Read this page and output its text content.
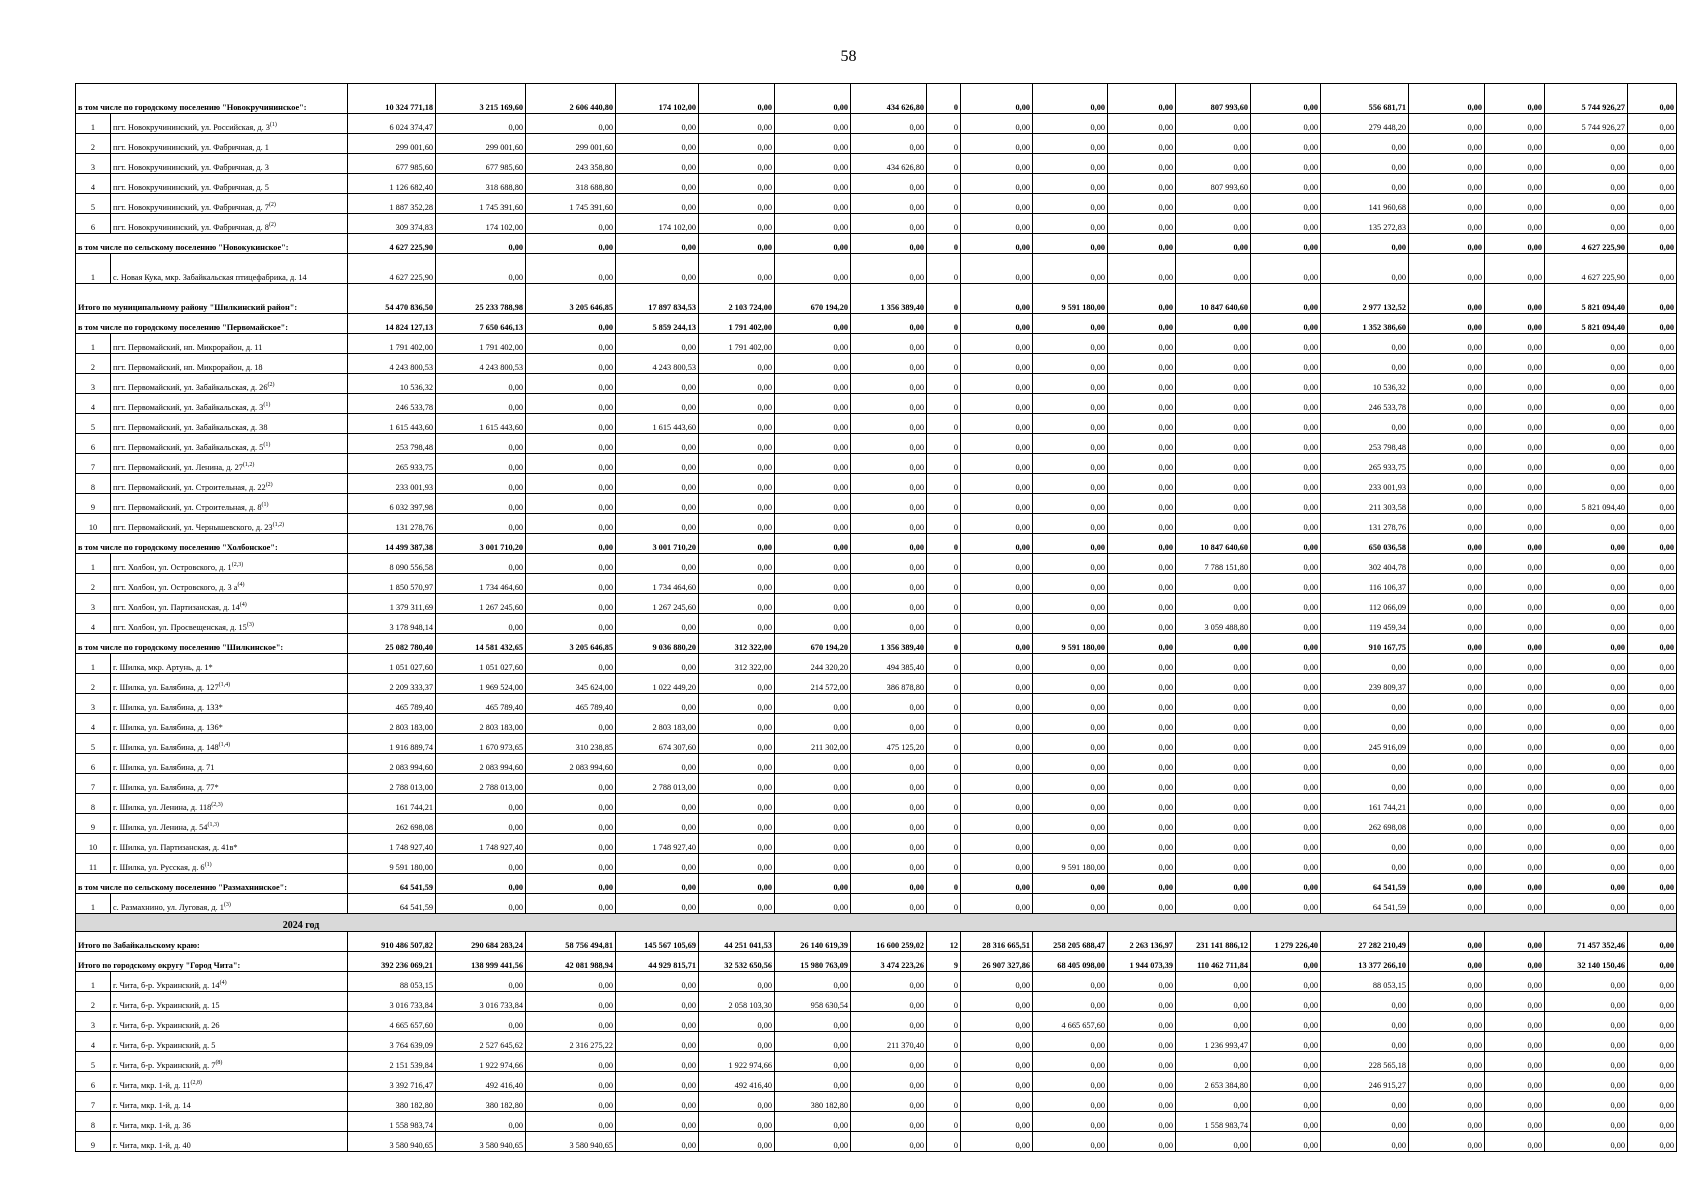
58
в том числе по городскому поселению "Новокручининское":		10 324 771,18	3 215 169,60	2 606 440,80	174 102,00	0,00	0,00	434 626,80	0	0,00	0,00	0,00	807 993,60	0,00	556 681,71	0,00	0,00	5 744 926,27	0,00
1	пгт. Новокручининский, ул. Российская, д. 3$^{(1)}$	6 024 374,47	0,00	0,00	0,00	0,00	0,00	0,00	0	0,00	0,00	0,00	0,00	0,00	279 448,20	0,00	0,00	5 744 926,27	0,00
2	пгт. Новокручининский, ул. Фабричная, д. 1	299 001,60	299 001,60	299 001,60	0,00	0,00	0,00	0,00	0	0,00	0,00	0,00	0,00	0,00	0,00	0,00	0,00	0,00	0,00
3	пгт. Новокручининский, ул. Фабричная, д. 3	677 985,60	677 985,60	243 358,80	0,00	0,00	0,00	434 626,80	0	0,00	0,00	0,00	0,00	0,00	0,00	0,00	0,00	0,00	0,00
4	пгт. Новокручининский, ул. Фабричная, д. 5	1 126 682,40	318 688,80	318 688,80	0,00	0,00	0,00	0,00	0	0,00	0,00	0,00	807 993,60	0,00	0,00	0,00	0,00	0,00	0,00
5	пгт. Новокручининский, ул. Фабричная, д. 7$^{(2)}$	1 887 352,28	1 745 391,60	1 745 391,60	0,00	0,00	0,00	0,00	0	0,00	0,00	0,00	0,00	0,00	141 960,68	0,00	0,00	0,00	0,00
6	пгт. Новокручининский, ул. Фабричная, д. 8$^{(2)}$	309 374,83	174 102,00	0,00	174 102,00	0,00	0,00	0,00	0	0,00	0,00	0,00	0,00	0,00	135 272,83	0,00	0,00	0,00	0,00
в том числе по сельскому поселению "Новокукинское":		4 627 225,90	0,00	0,00	0,00	0,00	0,00	0,00	0	0,00	0,00	0,00	0,00	0,00	0,00	0,00	0,00	4 627 225,90	0,00
1	с. Новая Кука, мкр. Забайкальская птицефабрика, д. 14	4 627 225,90	0,00	0,00	0,00	0,00	0,00	0,00	0	0,00	0,00	0,00	0,00	0,00	0,00	0,00	0,00	4 627 225,90	0,00
Итого по муниципальному району "Шилкинский район":		54 470 836,50	25 233 788,98	3 205 646,85	17 897 834,53	2 103 724,00	670 194,20	1 356 389,40	0	0,00	9 591 180,00	0,00	10 847 640,60	0,00	2 977 132,52	0,00	0,00	5 821 094,40	0,00
в том числе по городскому поселению "Первомайское":		14 824 127,13	7 650 646,13	0,00	5 859 244,13	1 791 402,00	0,00	0,00	0	0,00	0,00	0,00	0,00	0,00	1 352 386,60	0,00	0,00	5 821 094,40	0,00
1	пгт. Первомайский, нп. Микрорайон, д. 11	1 791 402,00	1 791 402,00	0,00	0,00	1 791 402,00	0,00	0,00	0	0,00	0,00	0,00	0,00	0,00	0,00	0,00	0,00	0,00	0,00
2	пгт. Первомайский, нп. Микрорайон, д. 18	4 243 800,53	4 243 800,53	0,00	4 243 800,53	0,00	0,00	0,00	0	0,00	0,00	0,00	0,00	0,00	0,00	0,00	0,00	0,00	0,00
3	пгт. Первомайский, ул. Забайкальская, д. 26$^{(2)}$	10 536,32	0,00	0,00	0,00	0,00	0,00	0,00	0	0,00	0,00	0,00	0,00	0,00	10 536,32	0,00	0,00	0,00	0,00
4	пгт. Первомайский, ул. Забайкальская, д. 3$^{(1)}$	246 533,78	0,00	0,00	0,00	0,00	0,00	0,00	0	0,00	0,00	0,00	0,00	0,00	246 533,78	0,00	0,00	0,00	0,00
5	пгт. Первомайский, ул. Забайкальская, д. 38	1 615 443,60	1 615 443,60	0,00	1 615 443,60	0,00	0,00	0,00	0	0,00	0,00	0,00	0,00	0,00	0,00	0,00	0,00	0,00	0,00
6	пгт. Первомайский, ул. Забайкальская, д. 5$^{(1)}$	253 798,48	0,00	0,00	0,00	0,00	0,00	0,00	0	0,00	0,00	0,00	0,00	0,00	253 798,48	0,00	0,00	0,00	0,00
7	пгт. Первомайский, ул. Ленина, д. 27$^{(1,2)}$	265 933,75	0,00	0,00	0,00	0,00	0,00	0,00	0	0,00	0,00	0,00	0,00	0,00	265 933,75	0,00	0,00	0,00	0,00
8	пгт. Первомайский, ул. Строительная, д. 22$^{(2)}$	233 001,93	0,00	0,00	0,00	0,00	0,00	0,00	0	0,00	0,00	0,00	0,00	0,00	233 001,93	0,00	0,00	0,00	0,00
9	пгт. Первомайский, ул. Строительная, д. 8$^{(1)}$	6 032 397,98	0,00	0,00	0,00	0,00	0,00	0,00	0	0,00	0,00	0,00	0,00	0,00	211 303,58	0,00	0,00	5 821 094,40	0,00
10	пгт. Первомайский, ул. Чернышевского, д. 23$^{(1,2)}$	131 278,76	0,00	0,00	0,00	0,00	0,00	0,00	0	0,00	0,00	0,00	0,00	0,00	131 278,76	0,00	0,00	0,00	0,00
в том числе по городскому поселению "Холбонское":		14 499 387,38	3 001 710,20	0,00	3 001 710,20	0,00	0,00	0,00	0	0,00	0,00	0,00	10 847 640,60	0,00	650 036,58	0,00	0,00	0,00	0,00
1	пгт. Холбон, ул. Островского, д. 1$^{(2,3)}$	8 090 556,58	0,00	0,00	0,00	0,00	0,00	0,00	0	0,00	0,00	0,00	7 788 151,80	0,00	302 404,78	0,00	0,00	0,00	0,00
2	пгт. Холбон, ул. Островского, д. 3 $а^{(4)}$	1 850 570,97	1 734 464,60	0,00	1 734 464,60	0,00	0,00	0,00	0	0,00	0,00	0,00	0,00	0,00	116 106,37	0,00	0,00	0,00	0,00
3	пгт. Холбон, ул. Партизанская, д. 14$^{(4)}$	1 379 311,69	1 267 245,60	0,00	1 267 245,60	0,00	0,00	0,00	0	0,00	0,00	0,00	0,00	0,00	112 066,09	0,00	0,00	0,00	0,00
4	пгт. Холбон, ул. Просвещенская, д. 15$^{(3)}$	3 178 948,14	0,00	0,00	0,00	0,00	0,00	0,00	0	0,00	0,00	0,00	3 059 488,80	0,00	119 459,34	0,00	0,00	0,00	0,00
в том числе по городскому поселению "Шилкинское":		25 082 780,40	14 581 432,65	3 205 646,85	9 036 880,20	312 322,00	670 194,20	1 356 389,40	0	0,00	9 591 180,00	0,00	0,00	0,00	910 167,75	0,00	0,00	0,00	0,00
1	г. Шилка, мкр. Артунь, д. 1*	1 051 027,60	1 051 027,60	0,00	0,00	312 322,00	244 320,20	494 385,40	0	0,00	0,00	0,00	0,00	0,00	0,00	0,00	0,00	0,00	0,00
2	г. Шилка, ул. Балябина, д. 127$^{(1,4)}$	2 209 333,37	1 969 524,00	345 624,00	1 022 449,20	0,00	214 572,00	386 878,80	0	0,00	0,00	0,00	0,00	0,00	239 809,37	0,00	0,00	0,00	0,00
3	г. Шилка, ул. Балябина, д. 133*	465 789,40	465 789,40	465 789,40	0,00	0,00	0,00	0,00	0	0,00	0,00	0,00	0,00	0,00	0,00	0,00	0,00	0,00	0,00
4	г. Шилка, ул. Балябина, д. 136*	2 803 183,00	2 803 183,00	0,00	2 803 183,00	0,00	0,00	0,00	0	0,00	0,00	0,00	0,00	0,00	0,00	0,00	0,00	0,00	0,00
5	г. Шилка, ул. Балябина, д. 148$^{(1,4)}$	1 916 889,74	1 670 973,65	310 238,85	674 307,60	0,00	211 302,00	475 125,20	0	0,00	0,00	0,00	0,00	0,00	245 916,09	0,00	0,00	0,00	0,00
6	г. Шилка, ул. Балябина, д. 71	2 083 994,60	2 083 994,60	2 083 994,60	0,00	0,00	0,00	0,00	0	0,00	0,00	0,00	0,00	0,00	0,00	0,00	0,00	0,00	0,00
7	г. Шилка, ул. Балябина, д. 77*	2 788 013,00	2 788 013,00	0,00	2 788 013,00	0,00	0,00	0,00	0	0,00	0,00	0,00	0,00	0,00	0,00	0,00	0,00	0,00	0,00
8	г. Шилка, ул. Ленина, д. 118$^{(2,3)}$	161 744,21	0,00	0,00	0,00	0,00	0,00	0,00	0	0,00	0,00	0,00	0,00	0,00	161 744,21	0,00	0,00	0,00	0,00
9	г. Шилка, ул. Ленина, д. 54$^{(1,3)}$	262 698,08	0,00	0,00	0,00	0,00	0,00	0,00	0	0,00	0,00	0,00	0,00	0,00	262 698,08	0,00	0,00	0,00	0,00
10	г. Шилка, ул. Партизанская, д. 41в*	1 748 927,40	1 748 927,40	0,00	1 748 927,40	0,00	0,00	0,00	0	0,00	0,00	0,00	0,00	0,00	0,00	0,00	0,00	0,00	0,00
11	г. Шилка, ул. Русская, д. 6$^{(1)}$	9 591 180,00	0,00	0,00	0,00	0,00	0,00	0,00	0	0,00	9 591 180,00	0,00	0,00	0,00	0,00	0,00	0,00	0,00	0,00
в том числе по сельскому поселению "Размахнинское":		64 541,59	0,00	0,00	0,00	0,00	0,00	0,00	0	0,00	0,00	0,00	0,00	0,00	64 541,59	0,00	0,00	0,00	0,00
1	с. Размахнино, ул. Луговая, д. 1$^{(3)}$	64 541,59	0,00	0,00	0,00	0,00	0,00	0,00	0	0,00	0,00	0,00	0,00	0,00	64 541,59	0,00	0,00	0,00	0,00
2024 год																			
Итого по Забайкальскому краю:		910 486 507,82	290 684 283,24	58 756 494,81	145 567 105,69	44 251 041,53	26 140 619,39	16 600 259,02	12	28 316 665,51	258 205 688,47	2 263 136,97	231 141 886,12	1 279 226,40	27 282 210,49	0,00	0,00	71 457 352,46	0,00
Итого по городскому округу "Город Чита":		392 236 069,21	138 999 441,56	42 081 988,94	44 929 815,71	32 532 650,56	15 980 763,09	3 474 223,26	9	26 907 327,86	68 405 098,00	1 944 073,39	110 462 711,84	0,00	13 377 266,10	0,00	0,00	32 140 150,46	0,00
1	г. Чита, б-р. Украинский, д. 14$^{(4)}$	88 053,15	0,00	0,00	0,00	0,00	0,00	0,00	0	0,00	0,00	0,00	0,00	0,00	88 053,15	0,00	0,00	0,00	0,00
2	г. Чита, б-р. Украинский, д. 15	3 016 733,84	3 016 733,84	0,00	0,00	2 058 103,30	958 630,54	0,00	0	0,00	0,00	0,00	0,00	0,00	0,00	0,00	0,00	0,00	0,00
3	г. Чита, б-р. Украинский, д. 26	4 665 657,60	0,00	0,00	0,00	0,00	0,00	0,00	0	0,00	4 665 657,60	0,00	0,00	0,00	0,00	0,00	0,00	0,00	0,00
4	г. Чита, б-р. Украинский, д. 5	3 764 639,09	2 527 645,62	2 316 275,22	0,00	0,00	0,00	211 370,40	0	0,00	0,00	0,00	1 236 993,47	0,00	0,00	0,00	0,00	0,00	0,00
5	г. Чита, б-р. Украинский, д. 7$^{(8)}$	2 151 539,84	1 922 974,66	0,00	0,00	1 922 974,66	0,00	0,00	0	0,00	0,00	0,00	0,00	0,00	228 565,18	0,00	0,00	0,00	0,00
6	г. Чита, мкр. 1-й, д. 11$^{(2,8)}$	3 392 716,47	492 416,40	0,00	0,00	492 416,40	0,00	0,00	0	0,00	0,00	0,00	2 653 384,80	0,00	246 915,27	0,00	0,00	0,00	0,00
7	г. Чита, мкр. 1-й, д. 14	380 182,80	380 182,80	0,00	0,00	0,00	380 182,80	0,00	0	0,00	0,00	0,00	0,00	0,00	0,00	0,00	0,00	0,00	0,00
8	г. Чита, мкр. 1-й, д. 36	1 558 983,74	0,00	0,00	0,00	0,00	0,00	0,00	0	0,00	0,00	0,00	1 558 983,74	0,00	0,00	0,00	0,00	0,00	0,00
9	г. Чита, мкр. 1-й, д. 40	3 580 940,65	3 580 940,65	3 580 940,65	0,00	0,00	0,00	0,00	0	0,00	0,00	0,00	0,00	0,00	0,00	0,00	0,00	0,00	0,00
